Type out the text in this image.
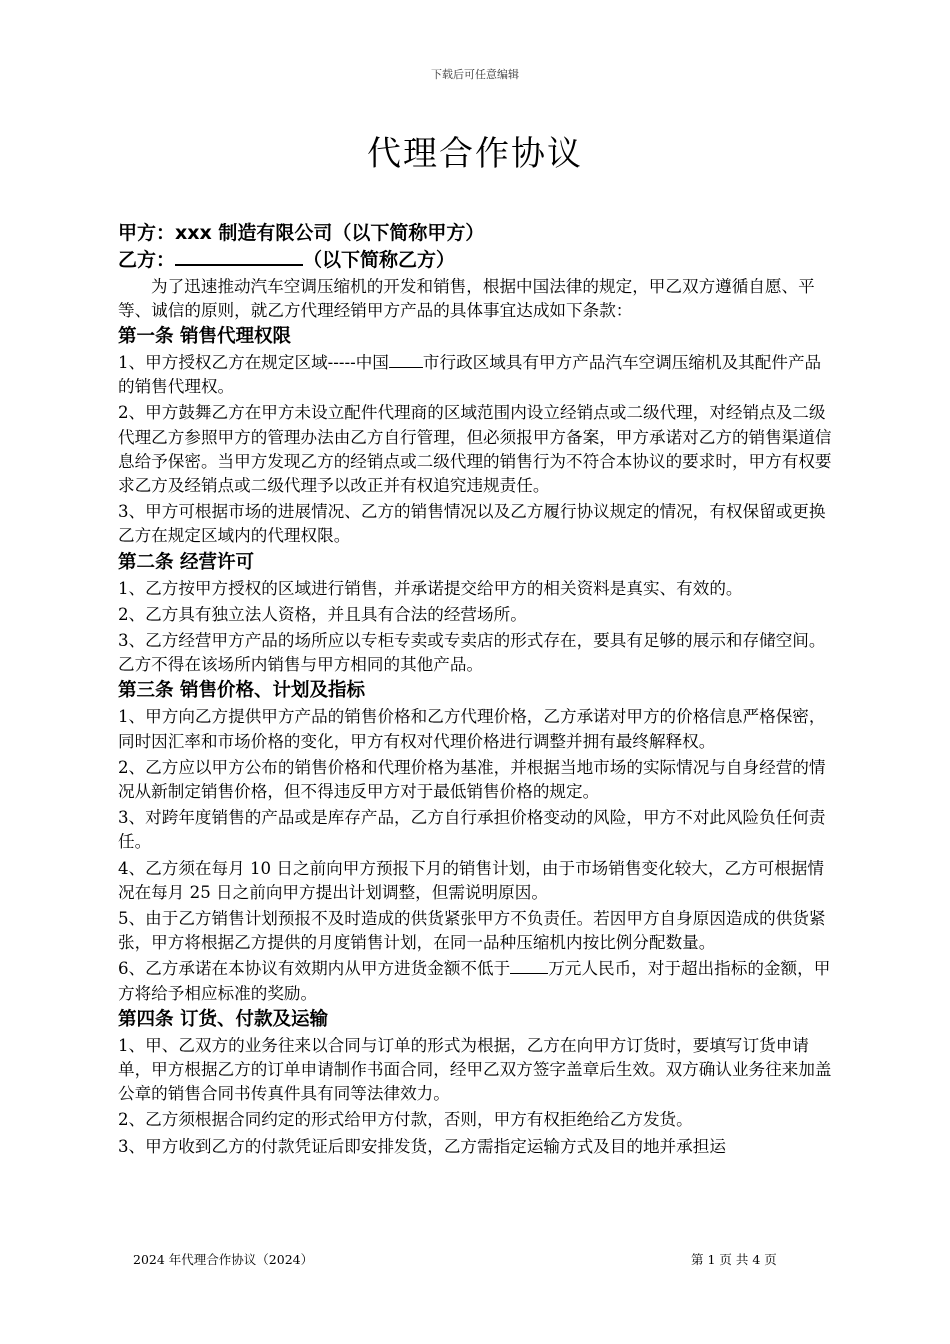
下载后可任意编辑
代理合作协议
甲方：xxx 制造有限公司（以下简称甲方）
乙方：	（以下简称乙方）
为了迅速推动汽车空调压缩机的开发和销售，根据中国法律的规定，甲乙双方遵循自愿、平等、诚信的原则，就乙方代理经销甲方产品的具体事宜达成如下条款：
第一条 销售代理权限
1、甲方授权乙方在规定区域-----中国 市行政区域具有甲方产品汽车空调压缩机及其配件产品的销售代理权。
2、甲方鼓舞乙方在甲方未设立配件代理商的区域范围内设立经销点或二级代理，对经销点及二级代理乙方参照甲方的管理办法由乙方自行管理，但必须报甲方备案，甲方承诺对乙方的销售渠道信息给予保密。当甲方发现乙方的经销点或二级代理的销售行为不符合本协议的要求时，甲方有权要求乙方及经销点或二级代理予以改正并有权追究违规责任。
3、甲方可根据市场的进展情况、乙方的销售情况以及乙方履行协议规定的情况，有权保留或更换乙方在规定区域内的代理权限。
第二条 经营许可
1、乙方按甲方授权的区域进行销售，并承诺提交给甲方的相关资料是真实、有效的。
2、乙方具有独立法人资格，并且具有合法的经营场所。
3、乙方经营甲方产品的场所应以专柜专卖或专卖店的形式存在，要具有足够的展示和存储空间。乙方不得在该场所内销售与甲方相同的其他产品。
第三条 销售价格、计划及指标
1、甲方向乙方提供甲方产品的销售价格和乙方代理价格，乙方承诺对甲方的价格信息严格保密，同时因汇率和市场价格的变化，甲方有权对代理价格进行调整并拥有最终解释权。
2、乙方应以甲方公布的销售价格和代理价格为基准，并根据当地市场的实际情况与自身经营的情况从新制定销售价格，但不得违反甲方对于最低销售价格的规定。
3、对跨年度销售的产品或是库存产品，乙方自行承担价格变动的风险，甲方不对此风险负任何责任。
4、乙方须在每月 10 日之前向甲方预报下月的销售计划，由于市场销售变化较大，乙方可根据情况在每月 25 日之前向甲方提出计划调整，但需说明原因。
5、由于乙方销售计划预报不及时造成的供货紧张甲方不负责任。若因甲方自身原因造成的供货紧张，甲方将根据乙方提供的月度销售计划，在同一品种压缩机内按比例分配数量。
6、乙方承诺在本协议有效期内从甲方进货金额不低于 万元人民币，对于超出指标的金额，甲方将给予相应标准的奖励。
第四条 订货、付款及运输
1、甲、乙双方的业务往来以合同与订单的形式为根据，乙方在向甲方订货时，要填写订货申请单，甲方根据乙方的订单申请制作书面合同，经甲乙双方签字盖章后生效。双方确认业务往来加盖公章的销售合同书传真件具有同等法律效力。
2、乙方须根据合同约定的形式给甲方付款，否则，甲方有权拒绝给乙方发货。
3、甲方收到乙方的付款凭证后即安排发货，乙方需指定运输方式及目的地并承担运
2024 年代理合作协议（2024）	第 1 页 共 4 页
